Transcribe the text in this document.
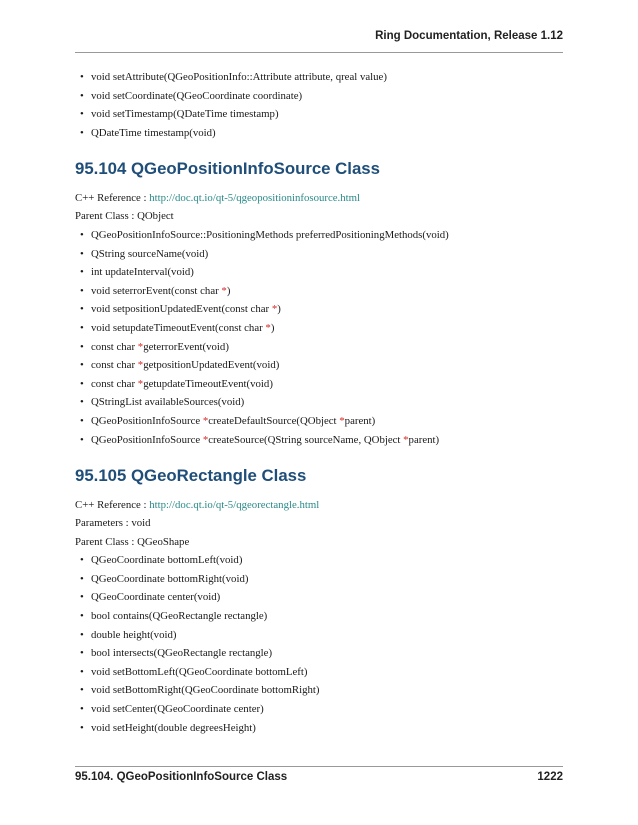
Ring Documentation, Release 1.12
• void setAttribute(QGeoPositionInfo::Attribute attribute, qreal value)
• void setCoordinate(QGeoCoordinate coordinate)
• void setTimestamp(QDateTime timestamp)
• QDateTime timestamp(void)
95.104 QGeoPositionInfoSource Class

C++ Reference : http://doc.qt.io/qt-5/qgeopositioninfosource.html

Parent Class : QObject

• QGeoPositionInfoSource::PositioningMethods preferredPositioningMethods(void)
• QString sourceName(void)
• int updateInterval(void)
• void seterrorEvent(const char *)
• void setpositionUpdatedEvent(const char *)
• void setupdateTimeoutEvent(const char *)
• const char *geterrorEvent(void)
• const char *getpositionUpdatedEvent(void)
• const char *getupdateTimeoutEvent(void)
• QStringList availableSources(void)
• QGeoPositionInfoSource *createDefaultSource(QObject *parent)
• QGeoPositionInfoSource *createSource(QString sourceName, QObject *parent)
95.105 QGeoRectangle Class

C++ Reference : http://doc.qt.io/qt-5/qgeorectangle.html

Parameters : void

Parent Class : QGeoShape

• QGeoCoordinate bottomLeft(void)
• QGeoCoordinate bottomRight(void)
• QGeoCoordinate center(void)
• bool contains(QGeoRectangle rectangle)
• double height(void)
• bool intersects(QGeoRectangle rectangle)
• void setBottomLeft(QGeoCoordinate bottomLeft)
• void setBottomRight(QGeoCoordinate bottomRight)
• void setCenter(QGeoCoordinate center)
• void setHeight(double degreesHeight)
95.104. QGeoPositionInfoSource Class	1222
